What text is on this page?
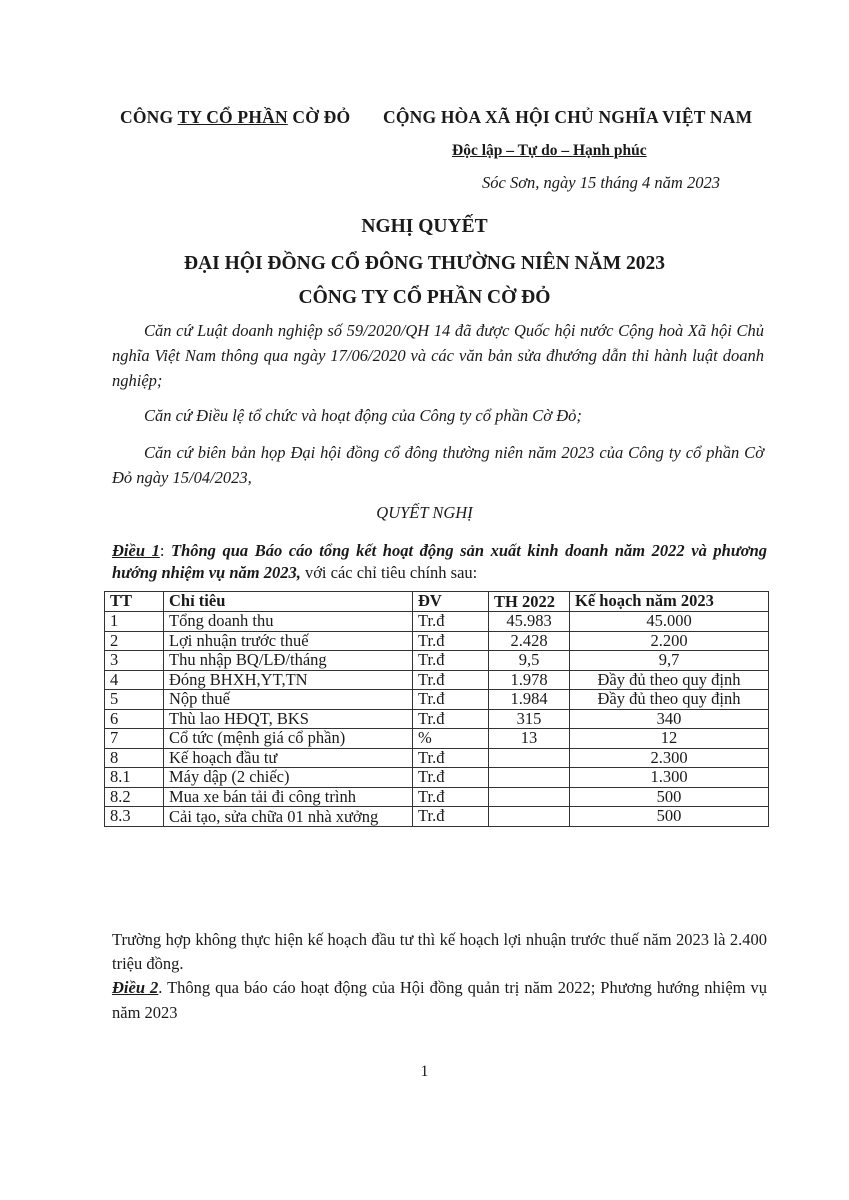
CÔNG TY CỔ PHẦN CỜ ĐỎ CỘNG HÒA XÃ HỘI CHỦ NGHĨA VIỆT NAM
Độc lập – Tự do – Hạnh phúc
Sóc Sơn, ngày 15 tháng 4 năm 2023
NGHỊ QUYẾT
ĐẠI HỘI ĐỒNG CỔ ĐÔNG THƯỜNG NIÊN NĂM 2023
CÔNG TY CỔ PHẦN CỜ ĐỎ
Căn cứ Luật doanh nghiệp số 59/2020/QH 14 đã được Quốc hội nước Cộng hoà Xã hội Chủ nghĩa Việt Nam thông qua ngày 17/06/2020 và các văn bản sửa đhướng dẫn thi hành luật doanh nghiệp;
Căn cứ Điều lệ tổ chức và hoạt động của Công ty cổ phần Cờ Đỏ;
Căn cứ biên bản họp Đại hội đồng cổ đông thường niên năm 2023 của Công ty cổ phần Cờ Đỏ ngày 15/04/2023,
QUYẾT NGHỊ
Điều 1: Thông qua Báo cáo tổng kết hoạt động sản xuất kinh doanh năm 2022 và phương hướng nhiệm vụ năm 2023, với các chỉ tiêu chính sau:
TT	Chỉ tiêu	ĐV	TH 2022	Kế hoạch năm 2023
1	Tổng doanh thu	Tr.đ	45.983	45.000
2	Lợi nhuận trước thuế	Tr.đ	2.428	2.200
3	Thu nhập BQ/LĐ/tháng	Tr.đ	9,5	9,7
4	Đóng BHXH,YT,TN	Tr.đ	1.978	Đầy đủ theo quy định
5	Nộp thuế	Tr.đ	1.984	Đầy đủ theo quy định
6	Thù lao HĐQT, BKS	Tr.đ	315	340
7	Cổ tức (mệnh giá cổ phần)	%	13	12
8	Kế hoạch đầu tư	Tr.đ		2.300
8.1	Máy dập (2 chiếc)	Tr.đ		1.300
8.2	Mua xe bán tải đi công trình	Tr.đ		500
8.3	Cải tạo, sửa chữa 01 nhà xưởng	Tr.đ		500
Trường hợp không thực hiện kế hoạch đầu tư thì kế hoạch lợi nhuận trước thuế năm 2023 là 2.400 triệu đồng.
Điều 2. Thông qua báo cáo hoạt động của Hội đồng quản trị năm 2022; Phương hướng nhiệm vụ năm 2023
1
